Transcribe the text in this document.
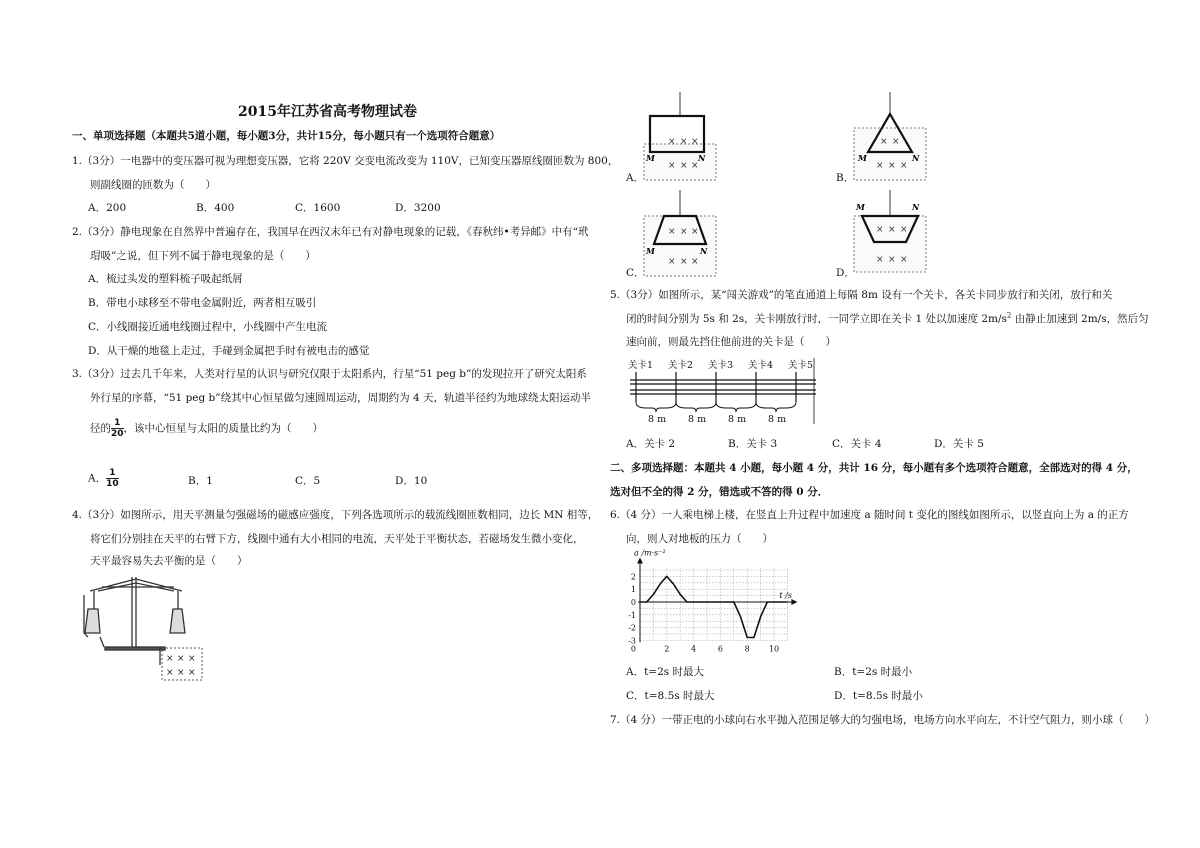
2015年江苏省高考物理试卷
一、单项选择题（本题共5道小题，每小题3分，共计15分，每小题只有一个选项符合题意）
1.（3分）一电器中的变压器可视为理想变压器，它将 220V 交变电流改变为 110V，已知变压器原线圈匝数为 800，
则副线圈的匝数为（　　）
A．200	B．400	C．1600	D．3200
2.（3分）静电现象在自然界中普遍存在，我国早在西汉末年已有对静电现象的记载，《春秋纬•考异邮》中有“玳
瑁吸”之说，但下列不属于静电现象的是（　　）
A．梳过头发的塑料梳子吸起纸屑
B．带电小球移至不带电金属附近，两者相互吸引
C．小线圈接近通电线圈过程中，小线圈中产生电流
D．从干燥的地毯上走过，手碰到金属把手时有被电击的感觉
3.（3分）过去几千年来，人类对行星的认识与研究仅限于太阳系内，行星“51 peg b”的发现拉开了研究太阳系
外行星的序幕，“51 peg b”绕其中心恒星做匀速圆周运动，周期约为 4 天，轨道半径约为地球绕太阳运动半
径的 $\frac{1}{20}$ ，该中心恒星与太阳的质量比约为（　　）
A． $\frac{1}{10}$	B．1	C．5	D．10
4.（3分）如图所示，用天平测量匀强磁场的磁感应强度，下列各选项所示的载流线圈匝数相同，边长 MN 相等，
将它们分别挂在天平的右臂下方，线圈中通有大小相同的电流，天平处于平衡状态，若磁场发生微小变化，
天平最容易失去平衡的是（　　）
× × ×
× × ×
× × ×
× × ×
M	N
A．
× ×
× × ×
M	N
B．
× × ×
× × ×
M	N
C．
× × ×
× × ×
M	N
D．
5.（3分）如图所示，某“闯关游戏”的笔直通道上每隔 8m 设有一个关卡，各关卡同步放行和关闭，放行和关
闭的时间分别为 5s 和 2s，关卡刚放行时，一同学立即在关卡 1 处以加速度 $2m/s^2$ 由静止加速到 2m/s，然后匀
速向前，则最先挡住他前进的关卡是（　　）
关卡1 关卡2 关卡3 关卡4 关卡5
8 m 8 m 8 m 8 m
A．关卡 2	B．关卡 3	C．关卡 4	D．关卡 5
二、多项选择题：本题共 4 小题，每小题 4 分，共计 16 分，每小题有多个选项符合题意，全部选对的得 4 分，
选对但不全的得 2 分，错选或不答的得 0 分．
6.（4 分）一人乘电梯上楼，在竖直上升过程中加速度 a 随时间 t 变化的图线如图所示，以竖直向上为 a 的正方
向，则人对地板的压力（　　）
-3
-2
-1
0
1
2
2	4	6	8 10
0
a /m·s⁻²
t /s
A．t=2s 时最大	B．t=2s 时最小
C．t=8.5s 时最大	D．t=8.5s 时最小
7.（4 分）一带正电的小球向右水平抛入范围足够大的匀强电场，电场方向水平向左，不计空气阻力，则小球（　　）
